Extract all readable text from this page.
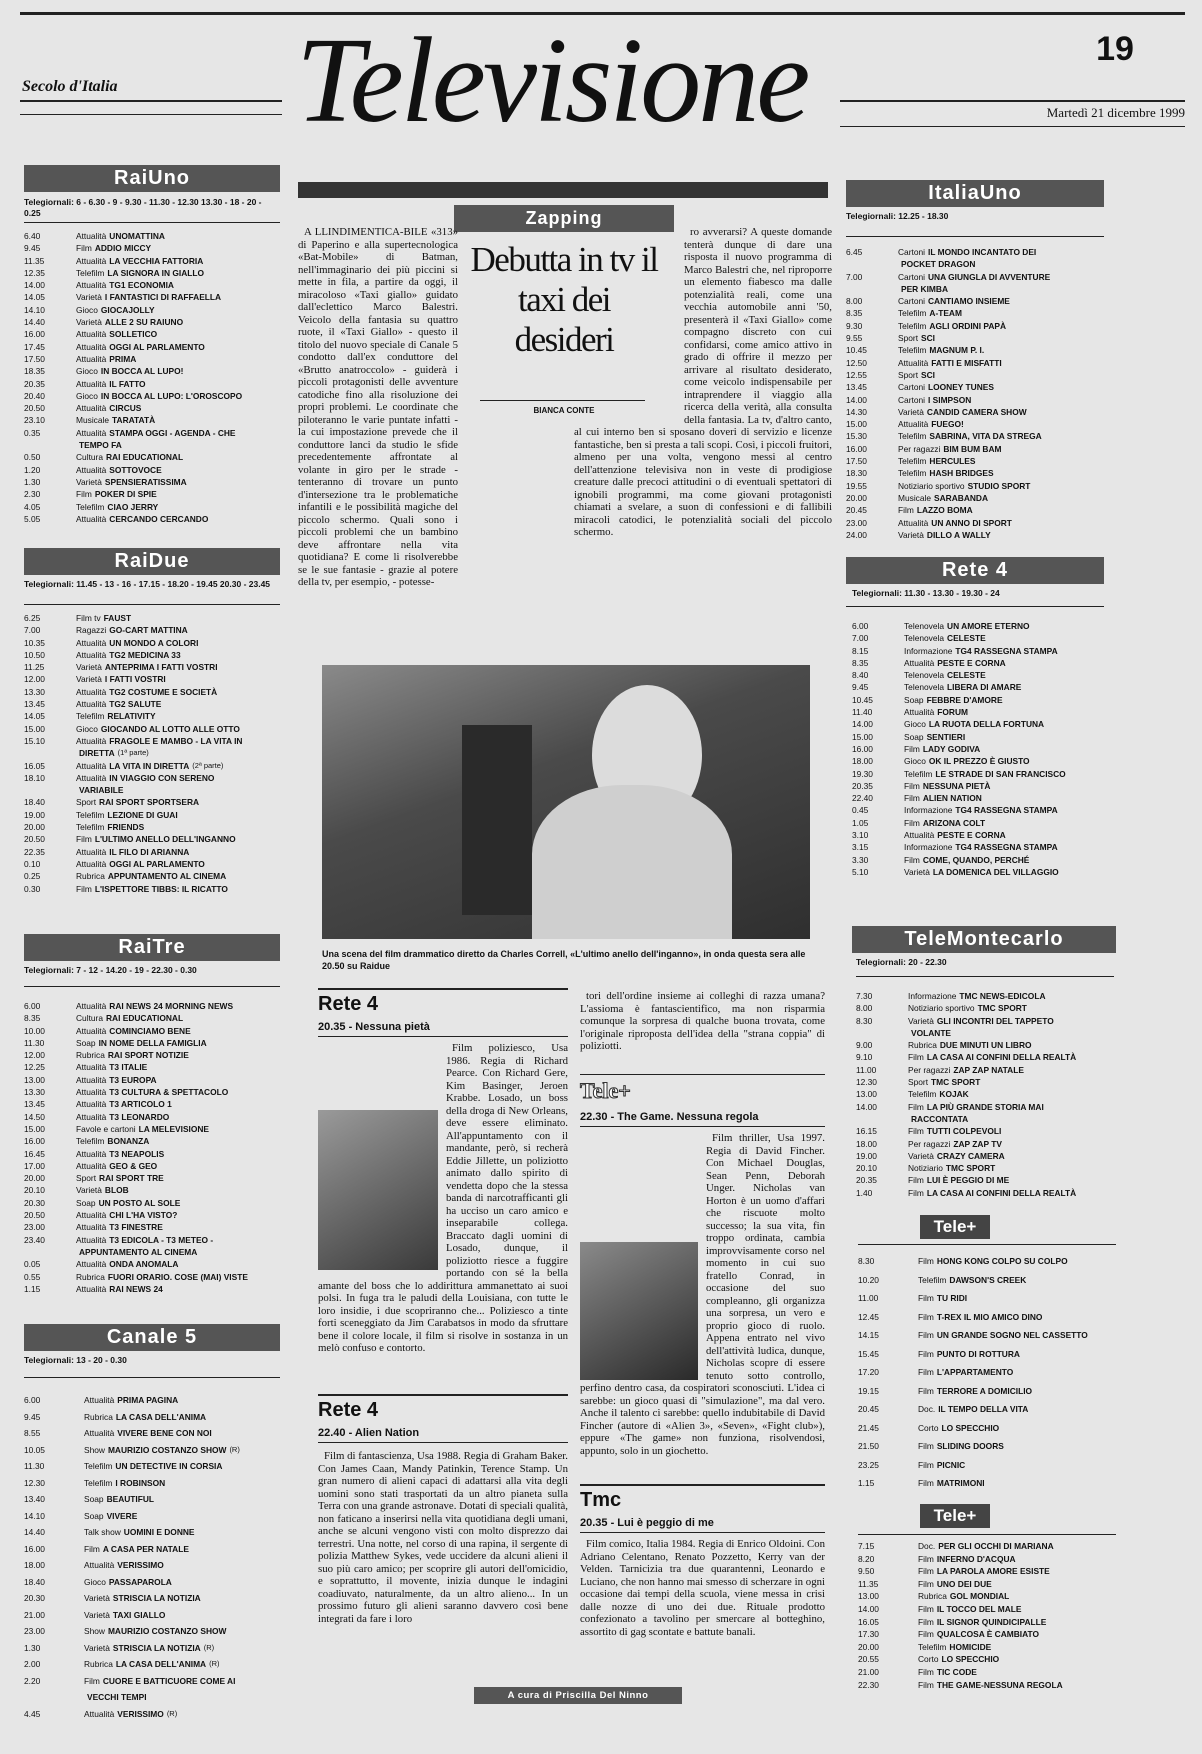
Secolo d'Italia Televisione	19
Martedì 21 dicembre 1999
RaiUno
Telegiornali: 6 - 6.30 - 9 - 9.30 - 11.30 - 12.30 13.30 - 18 - 20 - 0.25
6.40	Attualità UNOMATTINA
9.45	Film ADDIO MICCY
11.35	Attualità LA VECCHIA FATTORIA
12.35	Telefilm LA SIGNORA IN GIALLO
14.00	Attualità TG1 ECONOMIA
14.05	Varietà I FANTASTICI DI RAFFAELLA
14.10	Gioco GIOCAJOLLY
14.40	Varietà ALLE 2 SU RAIUNO
16.00	Attualità SOLLETICO
17.45	Attualità OGGI AL PARLAMENTO
17.50	Attualità PRIMA
18.35	Gioco IN BOCCA AL LUPO!
20.35	Attualità IL FATTO
20.40	Gioco IN BOCCA AL LUPO: L'OROSCOPO
20.50	Attualità CIRCUS
23.10	Musicale TARATATÀ
0.35	Attualità STAMPA OGGI - AGENDA - CHE
TEMPO FA
0.50	Cultura RAI EDUCATIONAL
1.20	Attualità SOTTOVOCE
1.30	Varietà SPENSIERATISSIMA
2.30	Film POKER DI SPIE
4.05	Telefilm CIAO JERRY
5.05	Attualità CERCANDO CERCANDO
RaiDue
Telegiornali: 11.45 - 13 - 16 - 17.15 - 18.20 - 19.45 20.30 - 23.45
6.25	Film tv FAUST
7.00	Ragazzi GO-CART MATTINA
10.35	Attualità UN MONDO A COLORI
10.50	Attualità TG2 MEDICINA 33
11.25	Varietà ANTEPRIMA I FATTI VOSTRI
12.00	Varietà I FATTI VOSTRI
13.30	Attualità TG2 COSTUME E SOCIETÀ
13.45	Attualità TG2 SALUTE
14.05	Telefilm RELATIVITY
15.00	Gioco GIOCANDO AL LOTTO ALLE OTTO
15.10	Attualità FRAGOLE E MAMBO - LA VITA IN
DIRETTA (1ª parte)
16.05	Attualità LA VITA IN DIRETTA (2ª parte)
18.10	Attualità IN VIAGGIO CON SERENO
VARIABILE
18.40	Sport RAI SPORT SPORTSERA
19.00	Telefilm LEZIONE DI GUAI
20.00	Telefilm FRIENDS
20.50	Film L'ULTIMO ANELLO DELL'INGANNO
22.35	Attualità IL FILO DI ARIANNA
0.10	Attualità OGGI AL PARLAMENTO
0.25	Rubrica APPUNTAMENTO AL CINEMA
0.30	Film L'ISPETTORE TIBBS: IL RICATTO
RaiTre
Telegiornali: 7 - 12 - 14.20 - 19 - 22.30 - 0.30
6.00	Attualità RAI NEWS 24 MORNING NEWS
8.35	Cultura RAI EDUCATIONAL
10.00	Attualità COMINCIAMO BENE
11.30	Soap IN NOME DELLA FAMIGLIA
12.00	Rubrica RAI SPORT NOTIZIE
12.25	Attualità T3 ITALIE
13.00	Attualità T3 EUROPA
13.30	Attualità T3 CULTURA & SPETTACOLO
13.45	Attualità T3 ARTICOLO 1
14.50	Attualità T3 LEONARDO
15.00	Favole e cartoni LA MELEVISIONE
16.00	Telefilm BONANZA
16.45	Attualità T3 NEAPOLIS
17.00	Attualità GEO & GEO
20.00	Sport RAI SPORT TRE
20.10	Varietà BLOB
20.30	Soap UN POSTO AL SOLE
20.50	Attualità CHI L'HA VISTO?
23.00	Attualità T3 FINESTRE
23.40	Attualità T3 EDICOLA - T3 METEO -
APPUNTAMENTO AL CINEMA
0.05	Attualità ONDA ANOMALA
0.55	Rubrica FUORI ORARIO. COSE (MAI) VISTE
1.15	Attualità RAI NEWS 24
Canale 5
Telegiornali: 13 - 20 - 0.30
6.00	Attualità PRIMA PAGINA
9.45	Rubrica LA CASA DELL'ANIMA
8.55	Attualità VIVERE BENE CON NOI
10.05	Show MAURIZIO COSTANZO SHOW (R)
11.30	Telefilm UN DETECTIVE IN CORSIA
12.30	Telefilm I ROBINSON
13.40	Soap BEAUTIFUL
14.10	Soap VIVERE
14.40	Talk show UOMINI E DONNE
16.00	Film A CASA PER NATALE
18.00	Attualità VERISSIMO
18.40	Gioco PASSAPAROLA
20.30	Varietà STRISCIA LA NOTIZIA
21.00	Varietà TAXI GIALLO
23.00	Show MAURIZIO COSTANZO SHOW
1.30	Varietà STRISCIA LA NOTIZIA (R)
2.00	Rubrica LA CASA DELL'ANIMA (R)
2.20	Film CUORE E BATTICUORE COME AI
VECCHI TEMPI
4.45	Attualità VERISSIMO (R)
Zapping

A LLINDIMENTICA-BILE «313» di Paperino e alla supertecnologica «Bat-Mobile» di Batman, nell'immaginario dei più piccini si mette in fila, a partire da oggi, il miracoloso «Taxi giallo» guidato dall'eclettico Marco Balestri. Veicolo della fantasia su quattro ruote, il «Taxi Giallo» - questo il titolo del nuovo speciale di Canale 5 condotto dall'ex conduttore del «Brutto anatroccolo» - guiderà i piccoli protagonisti delle avventure catodiche fino alla risoluzione dei propri problemi. Le coordinate che piloteranno le varie puntate infatti - la cui impostazione prevede che il conduttore lanci da studio le sfide precedentemente affrontate al volante in giro per le strade - tenteranno di trovare un punto d'intersezione tra le problematiche infantili e le possibilità magiche del piccolo schermo. Quali sono i piccoli problemi che un bambino deve affrontare nella vita quotidiana? E come li risolverebbe se le sue fantasie - grazie al potere della tv, per esempio, - potesse-

Debutta in tv il taxi dei desideri
BIANCA CONTE

ro avverarsi? A queste domande tenterà dunque di dare una risposta il nuovo programma di Marco Balestri che, nel riproporre un elemento fiabesco ma dalle potenzialità reali, come una vecchia automobile anni '50, presenterà il «Taxi Giallo» come compagno discreto con cui confidarsi, come amico attivo in grado di offrire il mezzo per arrivare al risultato desiderato, come veicolo indispensabile per intraprendere il viaggio alla ricerca della verità, alla consulta della fantasia. La tv, d'altro canto, al cui interno ben si sposano doveri di servizio e licenze fantastiche, ben si presta a tali scopi. Così, i piccoli fruitori, almeno per una volta, vengono messi al centro dell'attenzione televisiva non in veste di prodigiose creature dalle precoci attitudini o di eventuali spettatori di ignobili programmi, ma come giovani protagonisti chiamati a svelare, a suon di confessioni e di fallibili miracoli catodici, le potenzialità sociali del piccolo schermo.

Una scena del film drammatico diretto da Charles Correll, «L'ultimo anello dell'inganno», in onda questa sera alle 20.50 su Raidue
Rete 4
20.35 - Nessuna pietà

Film poliziesco, Usa 1986. Regia di Richard Pearce. Con Richard Gere, Kim Basinger, Jeroen Krabbe. Losado, un boss della droga di New Orleans, deve essere eliminato. All'appuntamento con il mandante, però, si recherà Eddie Jillette, un poliziotto animato dallo spirito di vendetta dopo che la stessa banda di narcotrafficanti gli ha ucciso un caro amico e inseparabile collega. Braccato dagli uomini di Losado, dunque, il poliziotto riesce a fuggire portando con sé la bella amante del boss che lo addirittura ammanettato ai suoi polsi. In fuga tra le paludi della Louisiana, con tutte le loro insidie, i due scopriranno che... Poliziesco a tinte forti sceneggiato da Jim Carabatsos in modo da sfruttare bene il colore locale, il film si risolve in sostanza in un melò confuso e contorto.

Rete 4
22.40 - Alien Nation

Film di fantascienza, Usa 1988. Regia di Graham Baker. Con James Caan, Mandy Patinkin, Terence Stamp. Un gran numero di alieni capaci di adattarsi alla vita degli uomini sono stati trasportati da un altro pianeta sulla Terra con una grande astronave. Dotati di speciali qualità, non faticano a inserirsi nella vita quotidiana degli umani, anche se alcuni vengono visti con molto disprezzo dai terrestri. Una notte, nel corso di una rapina, il sergente di polizia Matthew Sykes, vede uccidere da alcuni alieni il suo più caro amico; per scoprire gli autori dell'omicidio, e soprattutto, il movente, inizia dunque le indagini coadiuvato, naturalmente, da un altro alieno... In un prossimo futuro gli alieni saranno davvero così bene integrati da fare i loro

tori dell'ordine insieme ai colleghi di razza umana? L'assioma è fantascientifico, ma non risparmia comunque la sorpresa di qualche buona trovata, come l'originale ripropostа dell'idea della "strana coppia" di poliziotti.

Tele+
22.30 - The Game. Nessuna regola

Film thriller, Usa 1997. Regia di David Fincher. Con Michael Douglas, Sean Penn, Deborah Unger. Nicholas van Horton è un uomo d'affari che riscuote molto successo; la sua vita, fin troppo ordinata, cambia improvvisamente corso nel momento in cui suo fratello Conrad, in occasione del suo compleanno, gli organizza una sorpresa, un vero e proprio gioco di ruolo. Appena entrato nel vivo dell'attività ludica, dunque, Nicholas scopre di essere tenuto sotto controllo, perfino dentro casa, da cospiratori sconosciuti. L'idea ci sarebbe: un gioco quasi di "simulazione", ma dal vero. Anche il talento ci sarebbe: quello indubitabile di David Fincher (autore di «Alien 3», «Seven», «Fight club»), eppure «The game» non funziona, risolvendosi, appunto, solo in un giochetto.

Tmc
20.35 - Lui è peggio di me

Film comico, Italia 1984. Regia di Enrico Oldoini. Con Adriano Celentano, Renato Pozzetto, Kerry van der Velden. Tarnicizia tra due quarantenni, Leonardo e Luciano, che non hanno mai smesso di scherzare in ogni occasione dai tempi della scuola, viene messa in crisi dalle nozze di uno dei due. Rituale prodotto confezionato a tavolino per smercare al botteghino, assortito di gag scontate e battute banali.

A cura di Priscilla Del Ninno
ItaliaUno
Telegiornali: 12.25 - 18.30
6.45	Cartoni IL MONDO INCANTATO DEI
POCKET DRAGON
7.00	Cartoni UNA GIUNGLA DI AVVENTURE
PER KIMBA
8.00	Cartoni CANTIAMO INSIEME
8.35	Telefilm A-TEAM
9.30	Telefilm AGLI ORDINI PAPÀ
9.55	Sport SCI
10.45	Telefilm MAGNUM P. I.
12.50	Attualità FATTI E MISFATTI
12.55	Sport SCI
13.45	Cartoni LOONEY TUNES
14.00	Cartoni I SIMPSON
14.30	Varietà CANDID CAMERA SHOW
15.00	Attualità FUEGO!
15.30	Telefilm SABRINA, VITA DA STREGA
16.00	Per ragazzi BIM BUM BAM
17.50	Telefilm HERCULES
18.30	Telefilm HASH BRIDGES
19.55	Notiziario sportivo STUDIO SPORT
20.00	Musicale SARABANDA
20.45	Film LAZZO BOMA
23.00	Attualità UN ANNO DI SPORT
24.00	Varietà DILLO A WALLY
Rete 4
Telegiornali: 11.30 - 13.30 - 19.30 - 24
6.00	Telenovela UN AMORE ETERNO
7.00	Telenovela CELESTE
8.15	Informazione TG4 RASSEGNA STAMPA
8.35	Attualità PESTE E CORNA
8.40	Telenovela CELESTE
9.45	Telenovela LIBERA DI AMARE
10.45	Soap FEBBRE D'AMORE
11.40	Attualità FORUM
14.00	Gioco LA RUOTA DELLA FORTUNA
15.00	Soap SENTIERI
16.00	Film LADY GODIVA
18.00	Gioco OK IL PREZZO È GIUSTO
19.30	Telefilm LE STRADE DI SAN FRANCISCO
20.35	Film NESSUNA PIETÀ
22.40	Film ALIEN NATION
0.45	Informazione TG4 RASSEGNA STAMPA
1.05	Film ARIZONA COLT
3.10	Attualità PESTE E CORNA
3.15	Informazione TG4 RASSEGNA STAMPA
3.30	Film COME, QUANDO, PERCHÉ
5.10	Varietà LA DOMENICA DEL VILLAGGIO
TeleMontecarlo
Telegiornali: 20 - 22.30
7.30	Informazione TMC NEWS-EDICOLA
8.00	Notiziario sportivo TMC SPORT
8.30	Varietà GLI INCONTRI DEL TAPPETO
VOLANTE
9.00	Rubrica DUE MINUTI UN LIBRO
9.10	Film LA CASA AI CONFINI DELLA REALTÀ
11.00	Per ragazzi ZAP ZAP NATALE
12.30	Sport TMC SPORT
13.00	Telefilm KOJAK
14.00	Film LA PIÙ GRANDE STORIA MAI
RACCONTATA
16.15	Film TUTTI COLPEVOLI
18.00	Per ragazzi ZAP ZAP TV
19.00	Varietà CRAZY CAMERA
20.10	Notiziario TMC SPORT
20.35	Film LUI È PEGGIO DI ME
1.40	Film LA CASA AI CONFINI DELLA REALTÀ
Tele+
8.30	Film HONG KONG COLPO SU COLPO
10.20	Telefilm DAWSON'S CREEK
11.00	Film TU RIDI
12.45	Film T-REX IL MIO AMICO DINO
14.15	Film UN GRANDE SOGNO NEL CASSETTO
15.45	Film PUNTO DI ROTTURA
17.20	Film L'APPARTAMENTO
19.15	Film TERRORE A DOMICILIO
20.45	Doc. IL TEMPO DELLA VITA
21.45	Corto LO SPECCHIO
21.50	Film SLIDING DOORS
23.25	Film PICNIC
1.15	Film MATRIMONI
Tele+
7.15	Doc. PER GLI OCCHI DI MARIANA
8.20	Film INFERNO D'ACQUA
9.50	Film LA PAROLA AMORE ESISTE
11.35	Film UNO DEI DUE
13.00	Rubrica GOL MONDIAL
14.00	Film IL TOCCO DEL MALE
16.05	Film IL SIGNOR QUINDICIPALLE
17.30	Film QUALCOSA È CAMBIATO
20.00	Telefilm HOMICIDE
20.55	Corto LO SPECCHIO
21.00	Film TIC CODE
22.30	Film THE GAME-NESSUNA REGOLA
